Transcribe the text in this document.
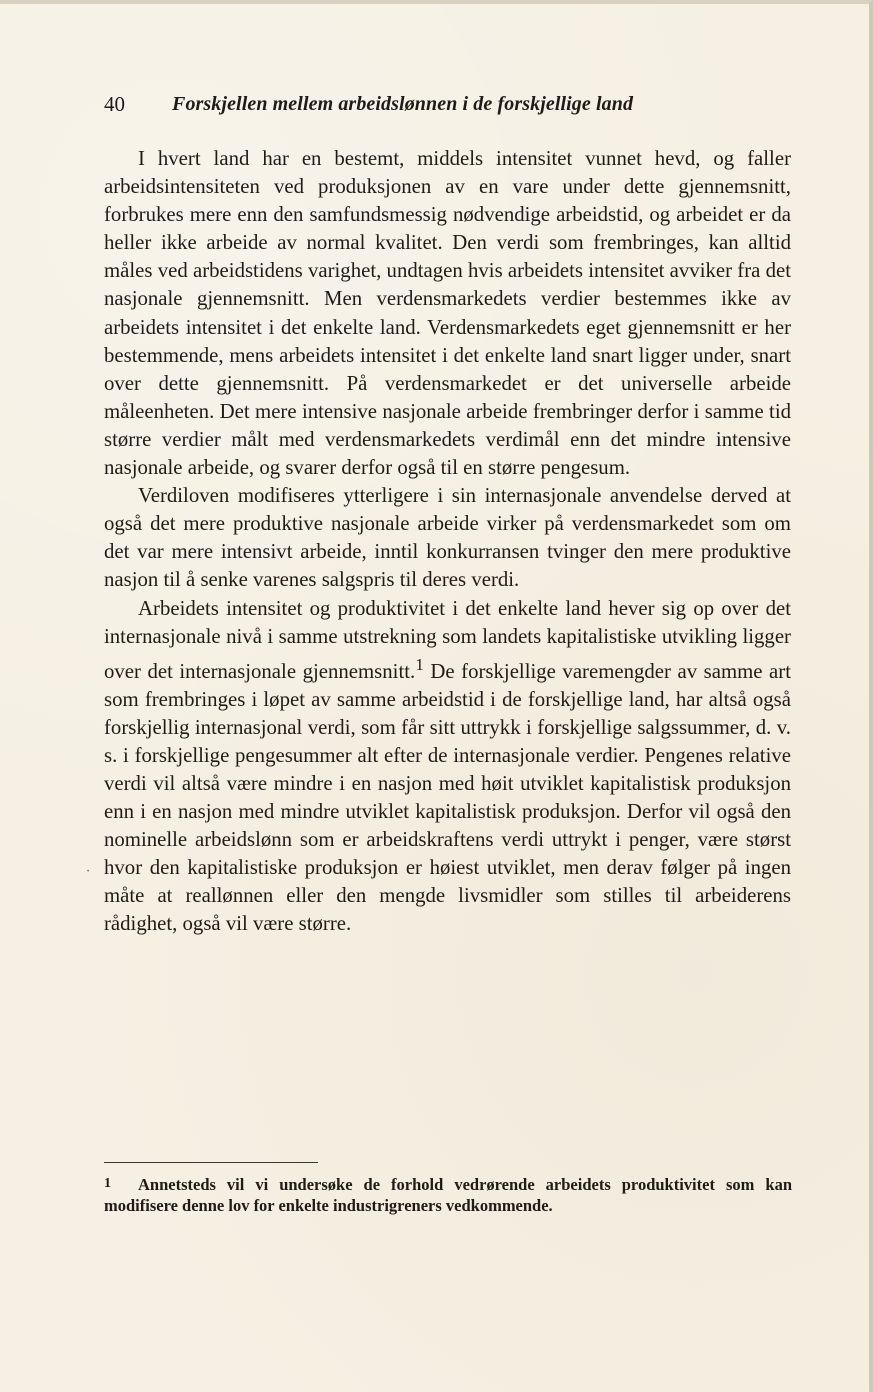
40 Forskjellen mellem arbeidslønnen i de forskjellige land

I hvert land har en bestemt, middels intensitet vunnet hevd, og faller arbeidsintensiteten ved produksjonen av en vare under dette gjennemsnitt, forbrukes mere enn den samfundsmessig nødvendige arbeidstid, og arbeidet er da heller ikke arbeide av normal kvalitet. Den verdi som frembringes, kan alltid måles ved arbeidstidens varighet, undtagen hvis arbeidets intensitet avviker fra det nasjonale gjennemsnitt. Men verdensmarkedets verdier bestemmes ikke av arbeidets intensitet i det enkelte land. Verdensmarkedets eget gjennemsnitt er her bestemmende, mens arbeidets intensitet i det enkelte land snart ligger under, snart over dette gjennemsnitt. På verdensmarkedet er det universelle arbeide måleenheten. Det mere intensive nasjonale arbeide frembringer derfor i samme tid større verdier målt med verdensmarkedets verdimål enn det mindre intensive nasjonale arbeide, og svarer derfor også til en større pengesum.

Verdiloven modifiseres ytterligere i sin internasjonale anvendelse derved at også det mere produktive nasjonale arbeide virker på verdensmarkedet som om det var mere intensivt arbeide, inntil konkurransen tvinger den mere produktive nasjon til å senke varenes salgspris til deres verdi.

Arbeidets intensitet og produktivitet i det enkelte land hever sig op over det internasjonale nivå i samme utstrekning som landets kapitalistiske utvikling ligger over det internasjonale gjennemsnitt.$^1$ De forskjellige varemengder av samme art som frembringes i løpet av samme arbeidstid i de forskjellige land, har altså også forskjellig internasjonal verdi, som får sitt uttrykk i forskjellige salgssummer, d. v. s. i forskjellige pengesummer alt efter de internasjonale verdier. Pengenes relative verdi vil altså være mindre i en nasjon med høit utviklet kapitalistisk produksjon enn i en nasjon med mindre utviklet kapitalistisk produksjon. Derfor vil også den nominelle arbeidslønn som er arbeidskraftens verdi uttrykt i penger, være størst hvor den kapitalistiske produksjon er høiest utviklet, men derav følger på ingen måte at reallønnen eller den mengde livsmidler som stilles til arbeiderens rådighet, også vil være større.

·
1 Annetsteds vil vi undersøke de forhold vedrørende arbeidets produktivitet som kan modifisere denne lov for enkelte industrigreners vedkommende.
